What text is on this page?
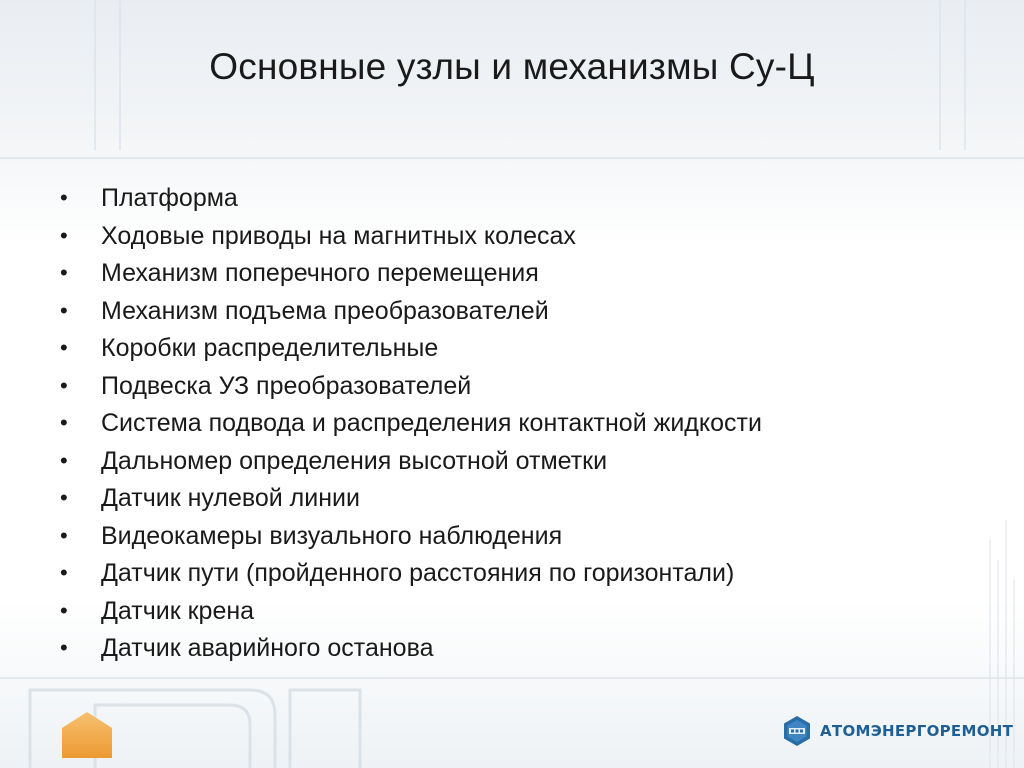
Основные узлы и механизмы Су-Ц
• Платформа
• Ходовые приводы на магнитных колесах
• Механизм поперечного перемещения
• Механизм подъема преобразователей
• Коробки распределительные
• Подвеска УЗ преобразователей
• Система подвода и распределения контактной жидкости
• Дальномер определения высотной отметки
• Датчик нулевой линии
• Видеокамеры визуального наблюдения
• Датчик пути (пройденного расстояния по горизонтали)
• Датчик крена
• Датчик аварийного останова
АТОМЭНЕРГОРЕМОНТ
